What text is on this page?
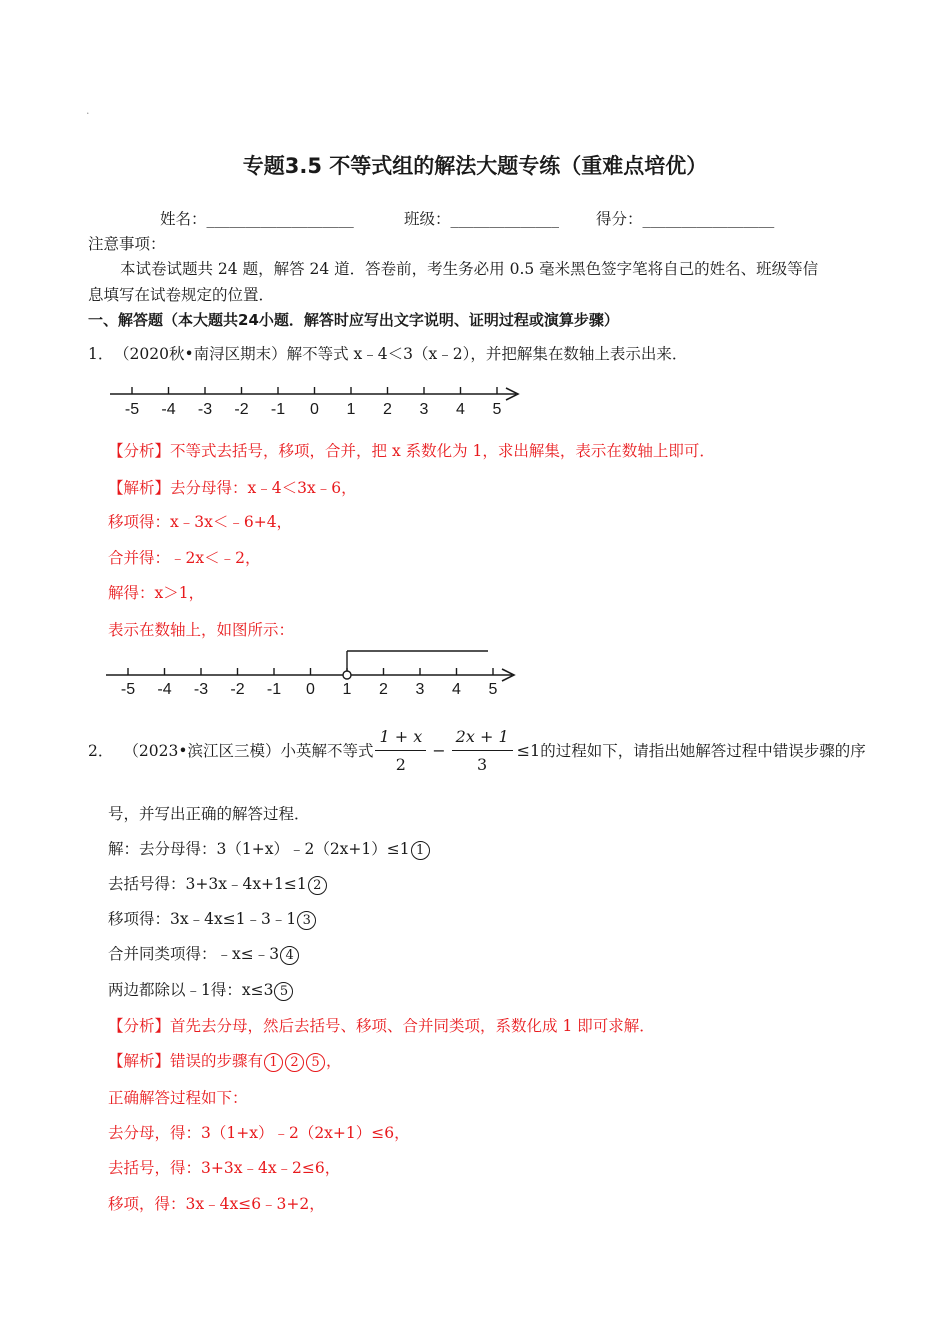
.
专题3.5 不等式组的解法大题专练（重难点培优）
姓名：___________________	班级：______________ 得分：_________________
注意事项：
本试卷试题共 24 题，解答 24 道．答卷前，考生务必用 0.5 毫米黑色签字笔将自己的姓名、班级等信
息填写在试卷规定的位置．
一、解答题（本大题共24小题．解答时应写出文字说明、证明过程或演算步骤）
1． （2020秋•南浔区期末）解不等式 x﹣4＜3（x﹣2），并把解集在数轴上表示出来．
-5 -4 -3 -2 -1 0 1 2 3 4 5
【分析】不等式去括号，移项，合并，把 x 系数化为 1，求出解集，表示在数轴上即可．
【解析】去分母得：x﹣4＜3x﹣6，
移项得：x﹣3x＜﹣6+4，
合并得：﹣2x＜﹣2，
解得：x＞1，
表示在数轴上，如图所示：
-5 -4 -3 -2 -1 0 1 2 3 4 5
2． （2023•滨江区三模）小英解不等式 $\frac{1 + x}{2} - \frac{2x + 1}{3} \le 1$ 的过程如下，请指出她解答过程中错误步骤的序
号，并写出正确的解答过程．
解：去分母得：3（1+x）﹣2（2x+1）≤1 1
去括号得：3+3x﹣4x+1≤1 2
移项得：3x﹣4x≤1﹣3﹣1 3
合并同类项得：﹣x≤﹣3 4
两边都除以﹣1得：x≤3 5
【分析】首先去分母，然后去括号、移项、合并同类项，系数化成 1 即可求解．
【解析】错误的步骤有 1 2 5 ，
正确解答过程如下：
去分母，得：3（1+x）﹣2（2x+1）≤6，
去括号，得：3+3x﹣4x﹣2≤6，
移项，得：3x﹣4x≤6﹣3+2，
